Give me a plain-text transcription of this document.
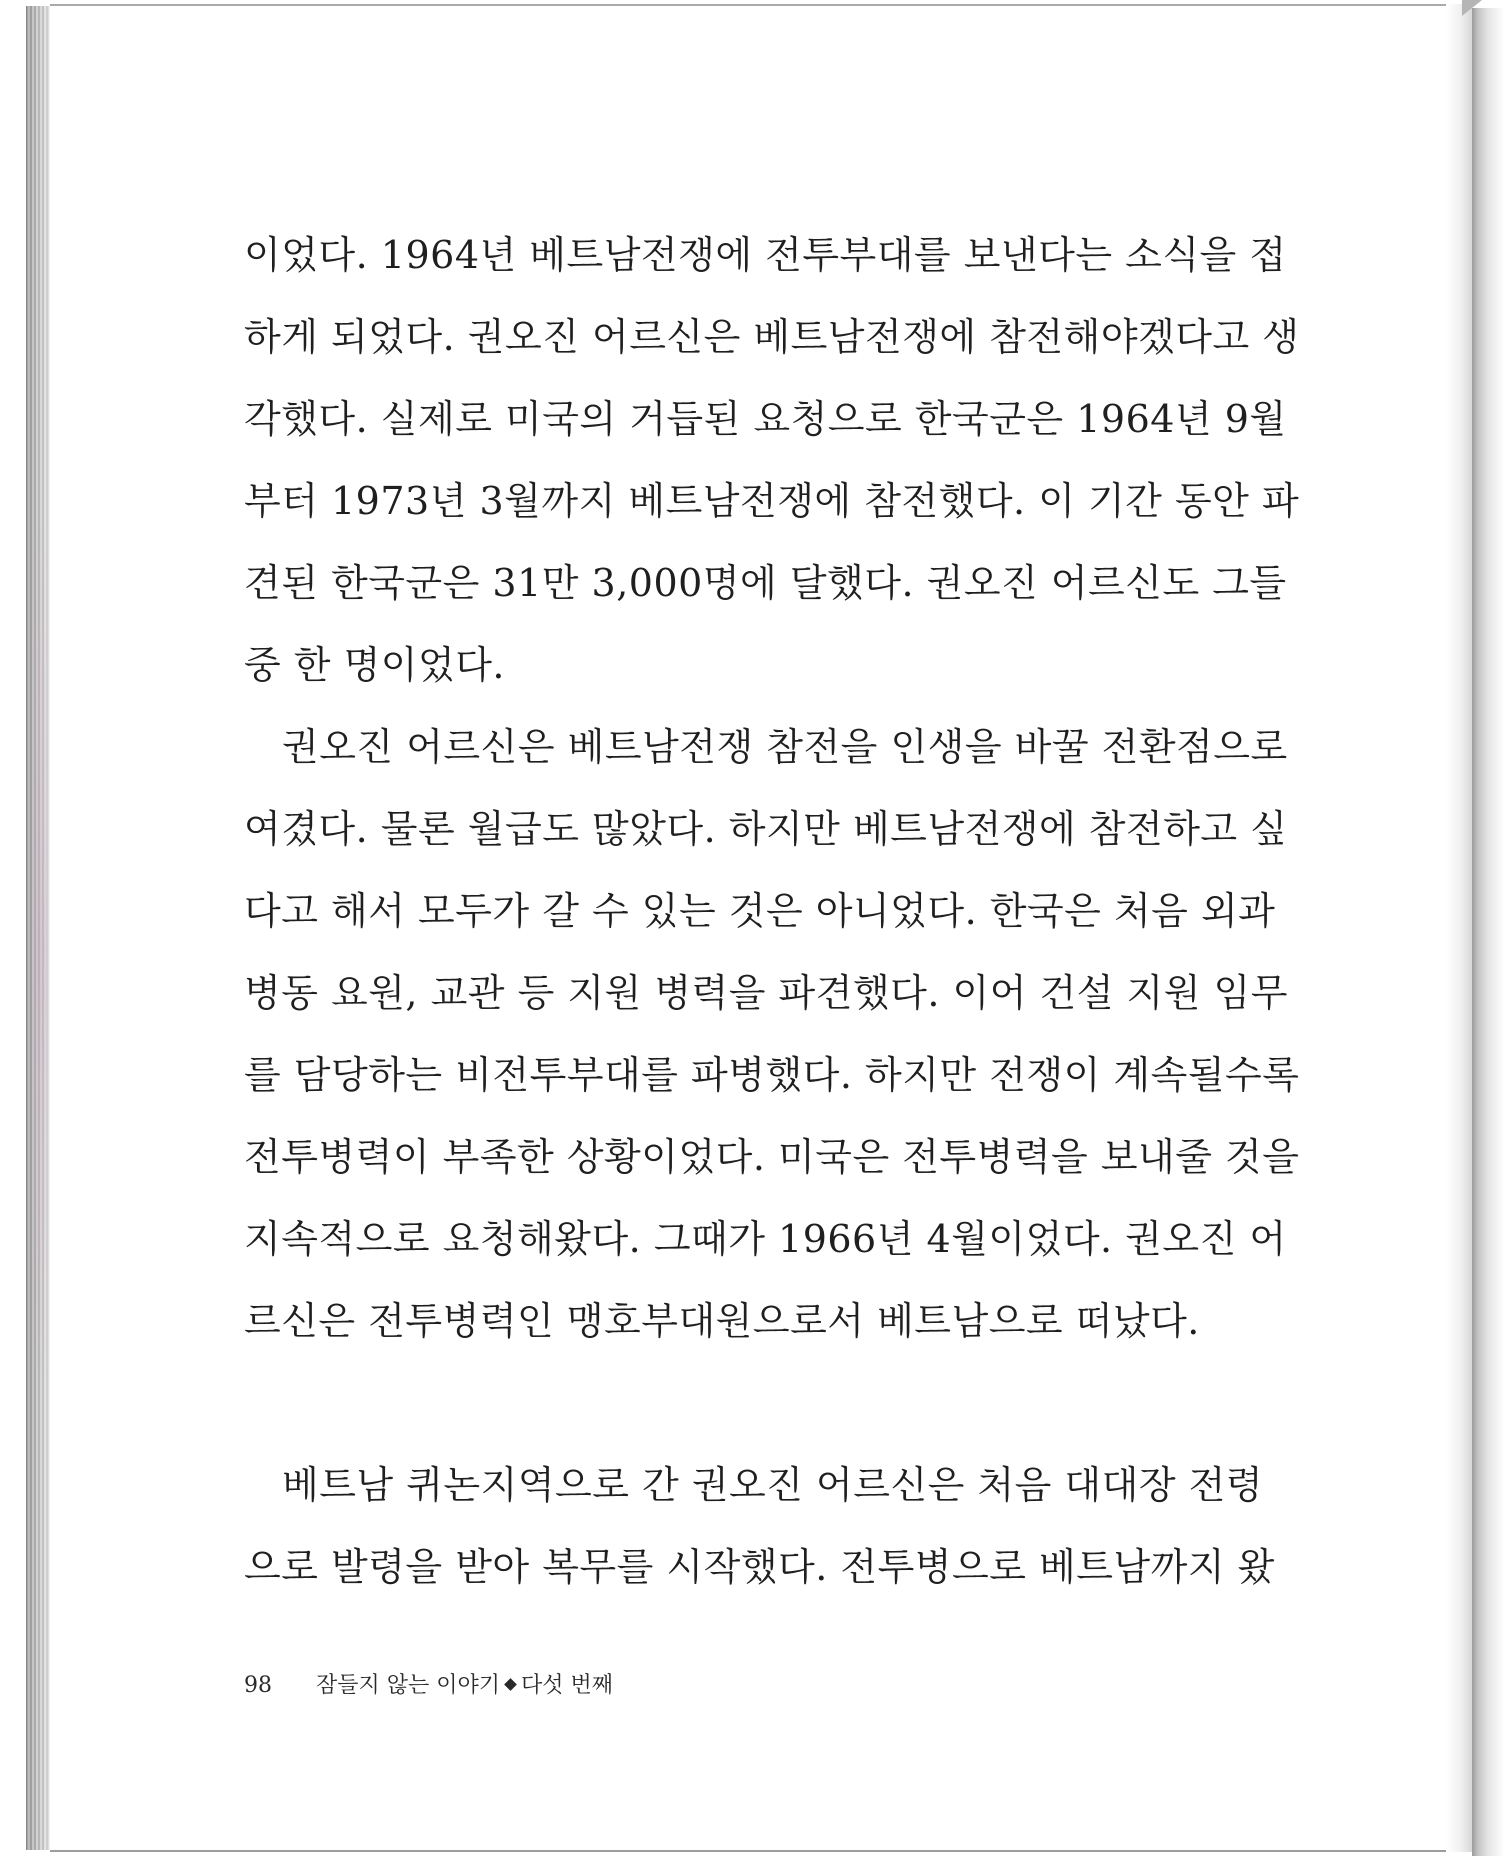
이었다. 1964년 베트남전쟁에 전투부대를 보낸다는 소식을 접
하게 되었다. 권오진 어르신은 베트남전쟁에 참전해야겠다고 생
각했다. 실제로 미국의 거듭된 요청으로 한국군은 1964년 9월
부터 1973년 3월까지 베트남전쟁에 참전했다. 이 기간 동안 파
견된 한국군은 31만 3,000명에 달했다. 권오진 어르신도 그들
중 한 명이었다.
권오진 어르신은 베트남전쟁 참전을 인생을 바꿀 전환점으로
여겼다. 물론 월급도 많았다. 하지만 베트남전쟁에 참전하고 싶
다고 해서 모두가 갈 수 있는 것은 아니었다. 한국은 처음 외과
병동 요원, 교관 등 지원 병력을 파견했다. 이어 건설 지원 임무
를 담당하는 비전투부대를 파병했다. 하지만 전쟁이 계속될수록
전투병력이 부족한 상황이었다. 미국은 전투병력을 보내줄 것을
지속적으로 요청해왔다. 그때가 1966년 4월이었다. 권오진 어
르신은 전투병력인 맹호부대원으로서 베트남으로 떠났다.
베트남 퀴논지역으로 간 권오진 어르신은 처음 대대장 전령
으로 발령을 받아 복무를 시작했다. 전투병으로 베트남까지 왔
98 잠들지 않는 이야기 다섯 번째
